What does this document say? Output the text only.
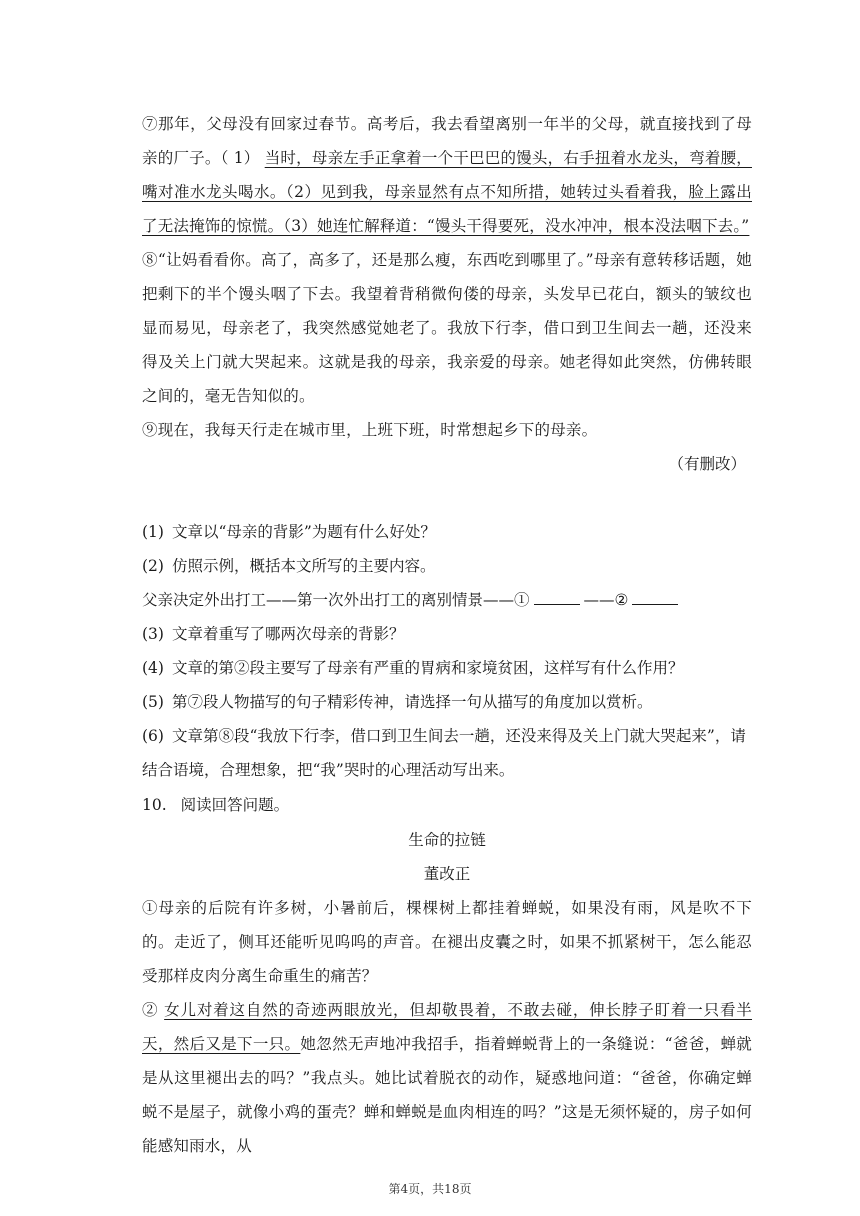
⑦那年，父母没有回家过春节。高考后，我去看望离别一年半的父母，就直接找到了母亲的厂子。（ 1） 当时，母亲左手正拿着一个干巴巴的馒头，右手扭着水龙头，弯着腰，嘴对准水龙头喝水。（2）见到我，母亲显然有点不知所措，她转过头看着我，脸上露出了无法掩饰的惊慌。（3）她连忙解释道：“馒头干得要死，没水冲冲，根本没法咽下去。”

⑧“让妈看看你。高了，高多了，还是那么瘦，东西吃到哪里了。”母亲有意转移话题，她把剩下的半个馒头咽了下去。我望着背稍微佝偻的母亲，头发早已花白，额头的皱纹也显而易见，母亲老了，我突然感觉她老了。我放下行李，借口到卫生间去一趟，还没来得及关上门就大哭起来。这就是我的母亲，我亲爱的母亲。她老得如此突然，仿佛转眼之间的，毫无告知似的。

⑨现在，我每天行走在城市里，上班下班，时常想起乡下的母亲。

（有删改）

(1) 文章以“母亲的背影”为题有什么好处？

(2) 仿照示例，概括本文所写的主要内容。

父亲决定外出打工——第一次外出打工的离别情景——①	——②

(3) 文章着重写了哪两次母亲的背影？

(4) 文章的第②段主要写了母亲有严重的胃病和家境贫困，这样写有什么作用？

(5) 第⑦段人物描写的句子精彩传神，请选择一句从描写的角度加以赏析。

(6) 文章第⑧段“我放下行李，借口到卫生间去一趟，还没来得及关上门就大哭起来”，请结合语境，合理想象，把“我”哭时的心理活动写出来。

10. 阅读回答问题。

生命的拉链

董改正

①母亲的后院有许多树，小暑前后，棵棵树上都挂着蝉蜕，如果没有雨，风是吹不下的。走近了，侧耳还能听见呜呜的声音。在褪出皮囊之时，如果不抓紧树干，怎么能忍受那样皮肉分离生命重生的痛苦？

② 女儿对着这自然的奇迹两眼放光，但却敬畏着，不敢去碰，伸长脖子盯着一只看半天，然后又是下一只。她忽然无声地冲我招手，指着蝉蜕背上的一条缝说：“爸爸，蝉就是从这里褪出去的吗？”我点头。她比试着脱衣的动作，疑惑地问道：“爸爸，你确定蝉蜕不是屋子，就像小鸡的蛋壳？蝉和蝉蜕是血肉相连的吗？”这是无须怀疑的，房子如何能感知雨水，从

第4页，共18页
